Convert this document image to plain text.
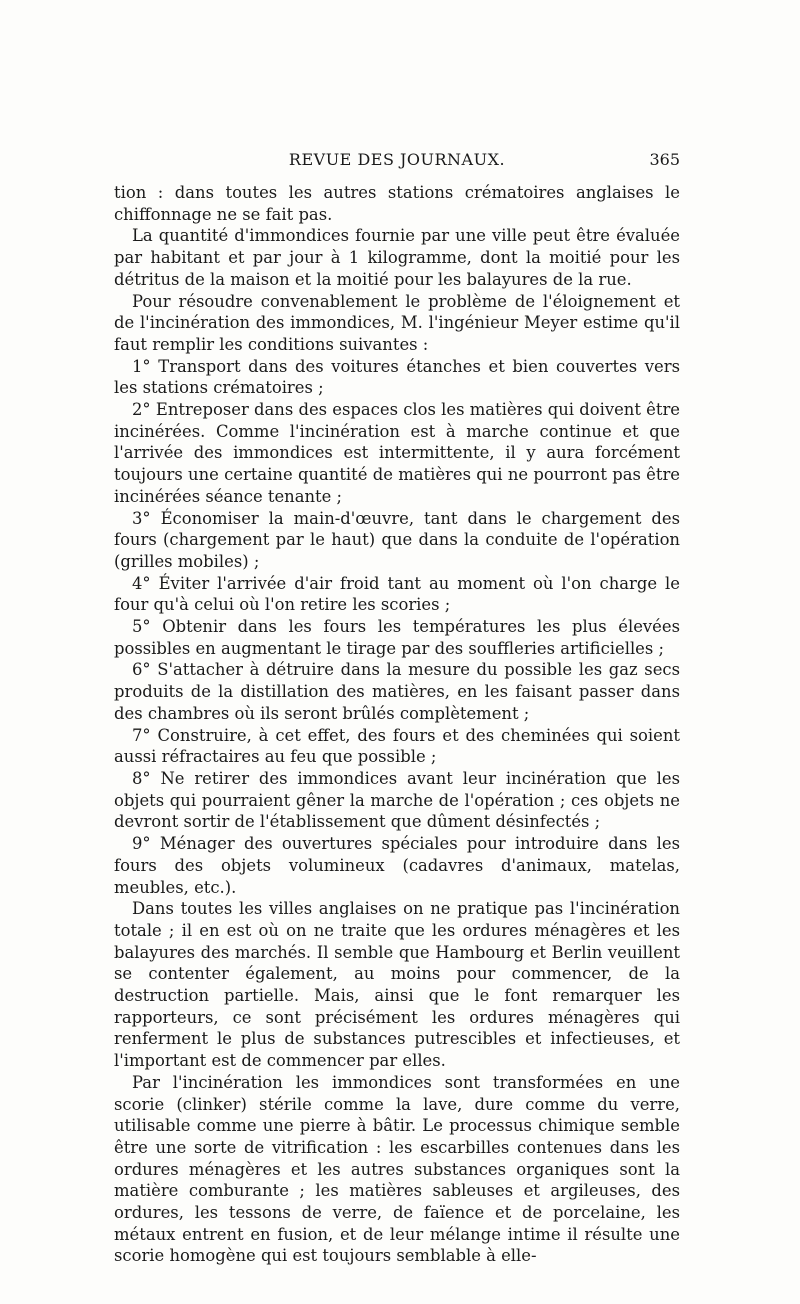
REVUE DES JOURNAUX.	365

tion : dans toutes les autres stations crématoires anglaises le chiffonnage ne se fait pas.

La quantité d'immondices fournie par une ville peut être évaluée par habitant et par jour à 1 kilogramme, dont la moitié pour les détritus de la maison et la moitié pour les balayures de la rue.

Pour résoudre convenablement le problème de l'éloignement et de l'incinération des immondices, M. l'ingénieur Meyer estime qu'il faut remplir les conditions suivantes :

1° Transport dans des voitures étanches et bien couvertes vers les stations crématoires ;

2° Entreposer dans des espaces clos les matières qui doivent être incinérées. Comme l'incinération est à marche continue et que l'arrivée des immondices est intermittente, il y aura forcément toujours une certaine quantité de matières qui ne pourront pas être incinérées séance tenante ;

3° Économiser la main-d'œuvre, tant dans le chargement des fours (chargement par le haut) que dans la conduite de l'opération (grilles mobiles) ;

4° Éviter l'arrivée d'air froid tant au moment où l'on charge le four qu'à celui où l'on retire les scories ;

5° Obtenir dans les fours les températures les plus élevées possibles en augmentant le tirage par des souffleries artificielles ;

6° S'attacher à détruire dans la mesure du possible les gaz secs produits de la distillation des matières, en les faisant passer dans des chambres où ils seront brûlés complètement ;

7° Construire, à cet effet, des fours et des cheminées qui soient aussi réfractaires au feu que possible ;

8° Ne retirer des immondices avant leur incinération que les objets qui pourraient gêner la marche de l'opération ; ces objets ne devront sortir de l'établissement que dûment désinfectés ;

9° Ménager des ouvertures spéciales pour introduire dans les fours des objets volumineux (cadavres d'animaux, matelas, meubles, etc.).

Dans toutes les villes anglaises on ne pratique pas l'incinération totale ; il en est où on ne traite que les ordures ménagères et les balayures des marchés. Il semble que Hambourg et Berlin veuillent se contenter également, au moins pour commencer, de la destruction partielle. Mais, ainsi que le font remarquer les rapporteurs, ce sont précisément les ordures ménagères qui renferment le plus de substances putrescibles et infectieuses, et l'important est de commencer par elles.

Par l'incinération les immondices sont transformées en une scorie (clinker) stérile comme la lave, dure comme du verre, utilisable comme une pierre à bâtir. Le processus chimique semble être une sorte de vitrification : les escarbilles contenues dans les ordures ménagères et les autres substances organiques sont la matière comburante ; les matières sableuses et argileuses, des ordures, les tessons de verre, de faïence et de porcelaine, les métaux entrent en fusion, et de leur mélange intime il résulte une scorie homogène qui est toujours semblable à elle-
